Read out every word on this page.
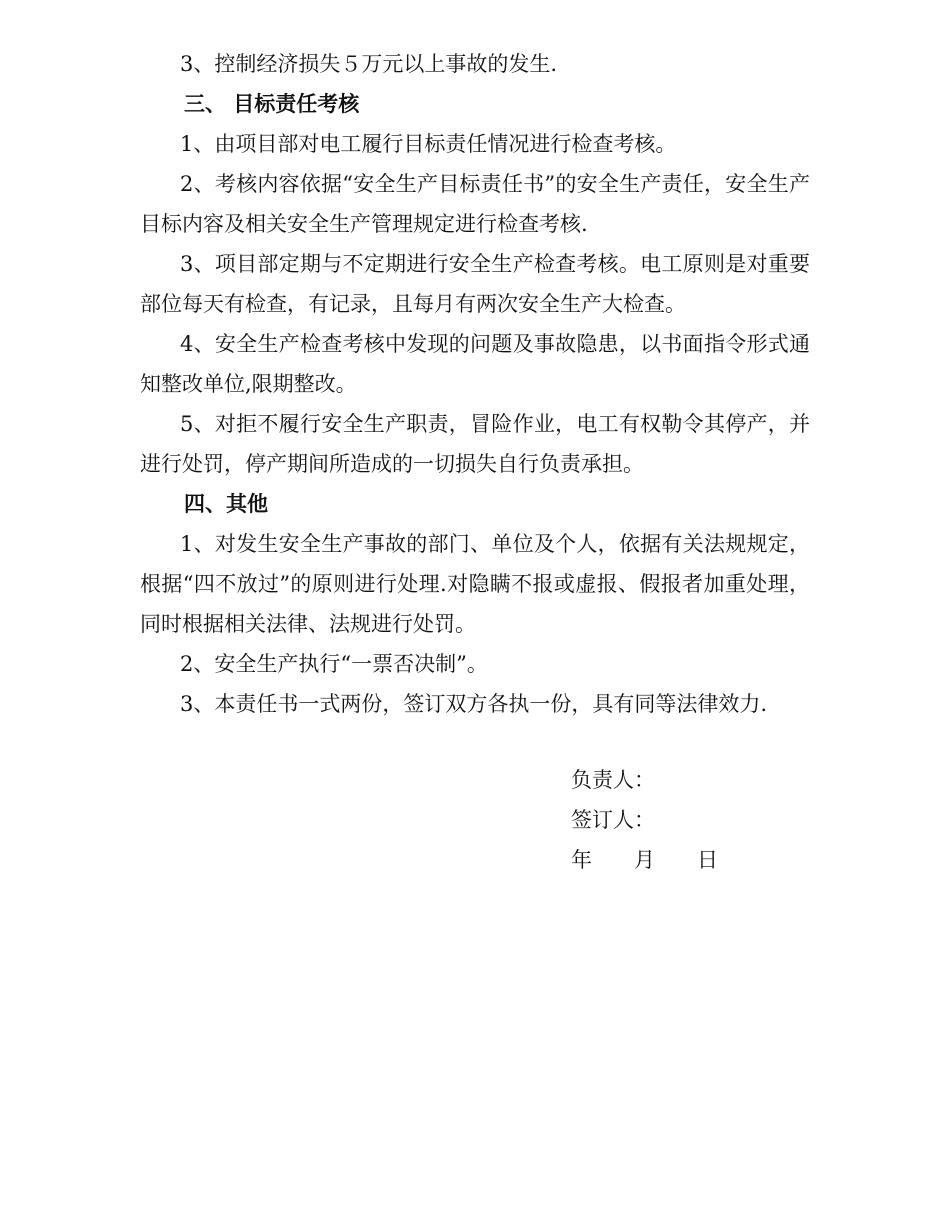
3、控制经济损失５万元以上事故的发生.

三、 目标责任考核

1、由项目部对电工履行目标责任情况进行检查考核。

2、考核内容依据“安全生产目标责任书”的安全生产责任，安全生产目标内容及相关安全生产管理规定进行检查考核.

3、项目部定期与不定期进行安全生产检查考核。电工原则是对重要部位每天有检查，有记录，且每月有两次安全生产大检查。

4、安全生产检查考核中发现的问题及事故隐患，以书面指令形式通知整改单位,限期整改。

5、对拒不履行安全生产职责，冒险作业，电工有权勒令其停产，并进行处罚，停产期间所造成的一切损失自行负责承担。

四、其他

1、对发生安全生产事故的部门、单位及个人，依据有关法规规定，根据“四不放过”的原则进行处理.对隐瞒不报或虚报、假报者加重处理，同时根据相关法律、法规进行处罚。

2、安全生产执行“一票否决制”。

3、本责任书一式两份，签订双方各执一份，具有同等法律效力.

负责人：

签订人：

年　　月　　日
